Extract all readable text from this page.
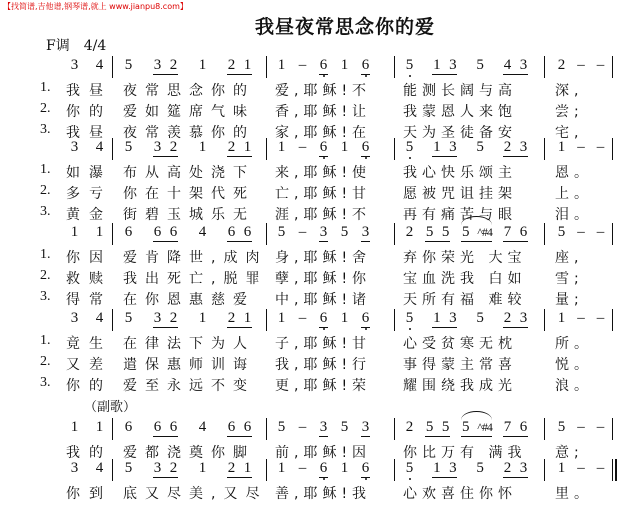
【找简谱,吉他谱,钢琴谱,就上 www.jianpu8.com】
我昼夜常思念你的爱
F调　4/4
（副歌）
3 4 5 3 2 1 2 1 1 – 6 1 6 5 1 3 5 4 3 2 – –
1. 我昼 夜常思念你的 爱,耶稣!不 能测长阔与高	深,
2. 你的 爱如筵席气味 香,耶稣!让 我蒙恩人来饱	尝;
3. 我昼 夜常羡慕你的 家,耶稣!在 天为圣徒备安	宅,
3 4 5 3 2 1 2 1 1 – 6 1 6 5 1 3 5 2 3 1 – –
1. 如瀑 布从高处浇下 来,耶稣!使 我心快乐颂主	恩。
2. 多亏 你在十架代死 亡,耶稣!甘 愿被咒诅挂架	上。
3. 黄金 街碧玉城乐无 涯,耶稣!不 再有痛苦与眼	泪。
1 1 6 6 6 4 6 6 5 – 3 5 3 2 5 5 5 ^#4 7 6 5 – –
1. 你因 爱肯降世,成肉 身,耶稣!舍 弃你荣光 大宝 座,
2. 救赎 我出死亡,脱罪 孽,耶稣!你 宝血洗我 白如 雪;
3. 得常 在你恩惠慈爱 中,耶稣!诸 天所有福 难较 量;
3 4 5 3 2 1 2 1 1 – 6 1 6 5 1 3 5 2 3 1 – –
1. 竟生 在律法下为人 子,耶稣!甘 心受贫寒无枕	所。
2. 又差 遣保惠师训诲 我,耶稣!行 事得蒙主常喜	悦。
3. 你的 爱至永远不变 更,耶稣!荣 耀围绕我成光	浪。
1 1 6 6 6 4 6 6 5 – 3 5 3 2 5 5 5 ^#4 7 6 5 – –
我的 爱都浇奠你脚 前,耶稣!因 你比万有 满我 意;
3 4 5 3 2 1 2 1 1 – 6 1 6 5 1 3 5 2 3 1 – –
你到 底又尽美,又尽 善,耶稣!我 心欢喜住你怀	里。
